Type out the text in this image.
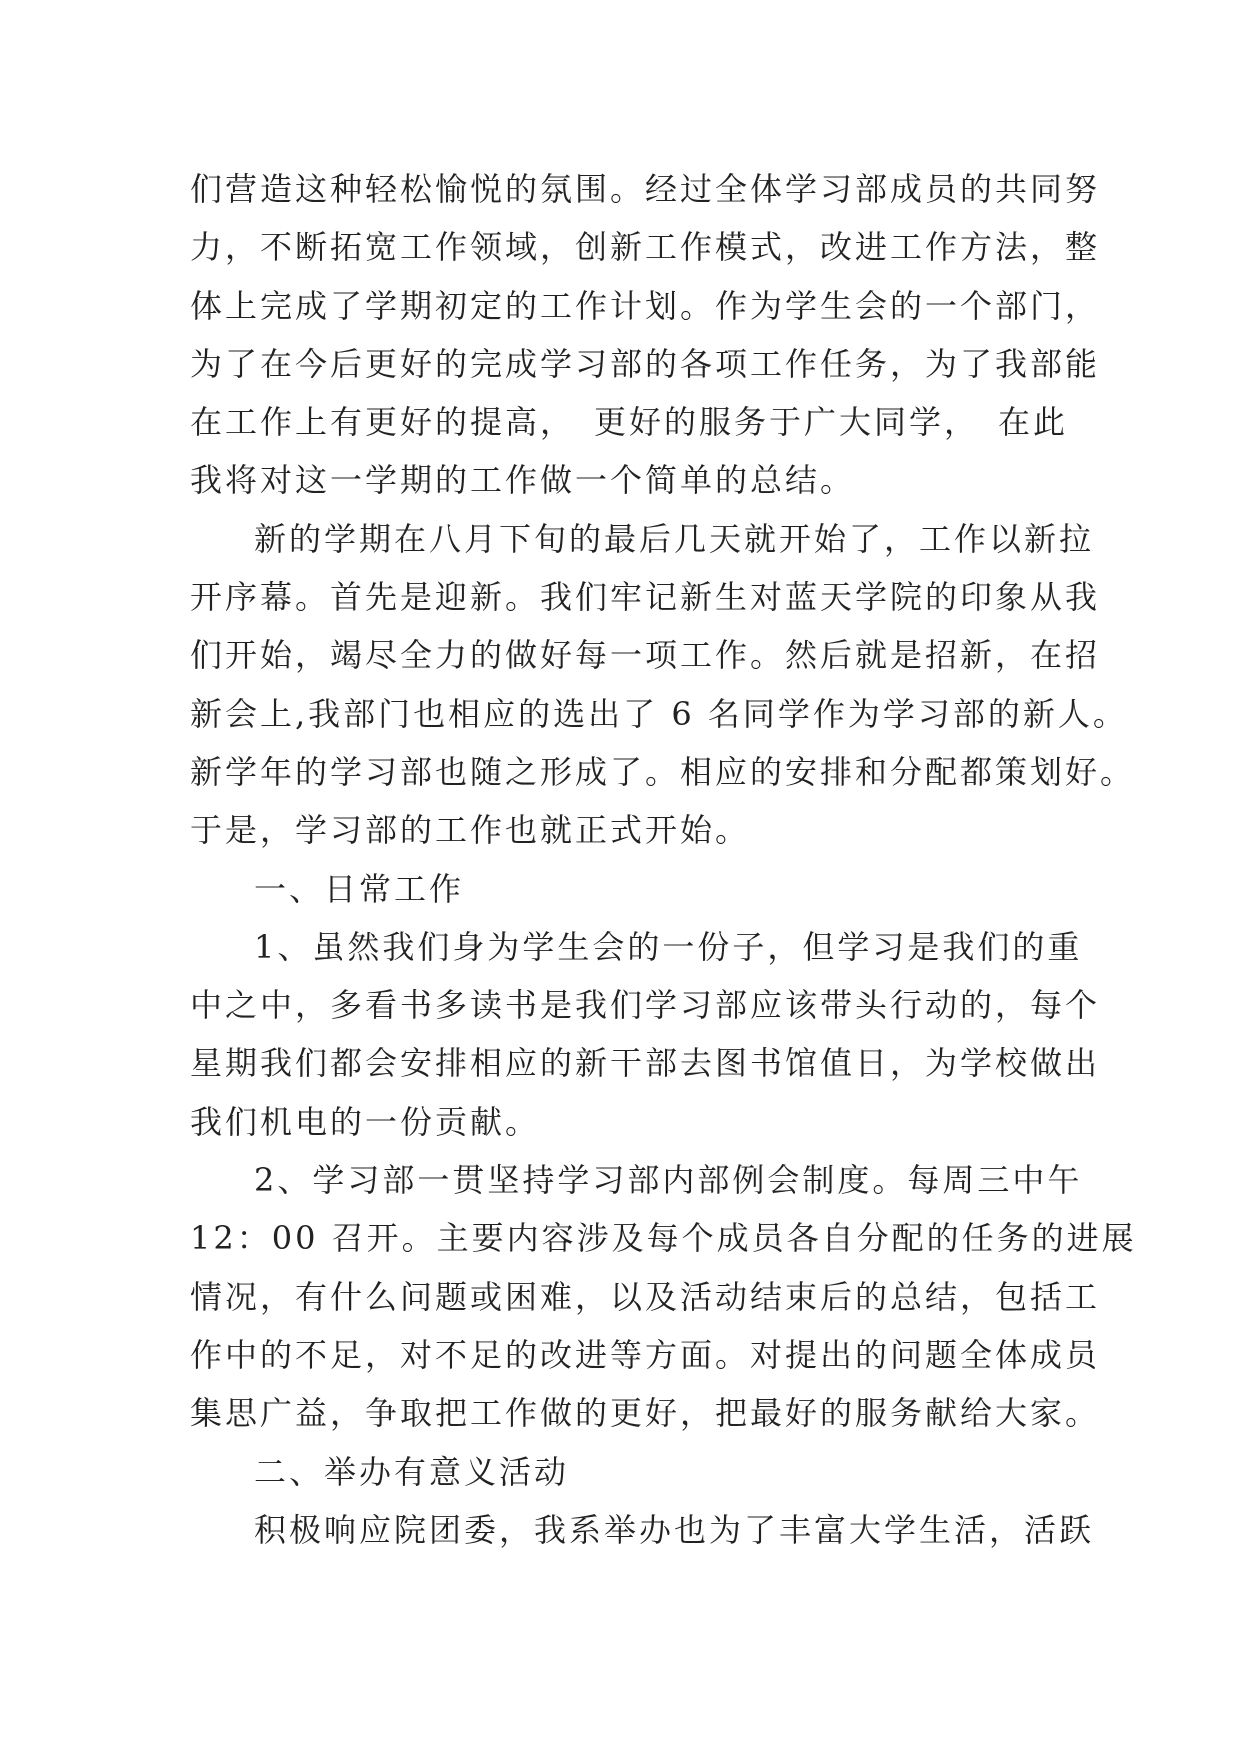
们营造这种轻松愉悦的氛围。经过全体学习部成员的共同努
力，不断拓宽工作领域，创新工作模式，改进工作方法，整
体上完成了学期初定的工作计划。作为学生会的一个部门，
为了在今后更好的完成学习部的各项工作任务，为了我部能
在工作上有更好的提高，　更好的服务于广大同学，　在此
我将对这一学期的工作做一个简单的总结。
新的学期在八月下旬的最后几天就开始了，工作以新拉
开序幕。首先是迎新。我们牢记新生对蓝天学院的印象从我
们开始，竭尽全力的做好每一项工作。然后就是招新，在招
新会上,我部门也相应的选出了 6 名同学作为学习部的新人。
新学年的学习部也随之形成了。相应的安排和分配都策划好。
于是，学习部的工作也就正式开始。
一、日常工作
1、虽然我们身为学生会的一份子，但学习是我们的重
中之中，多看书多读书是我们学习部应该带头行动的，每个
星期我们都会安排相应的新干部去图书馆值日，为学校做出
我们机电的一份贡献。
2、学习部一贯坚持学习部内部例会制度。每周三中午
12：00 召开。主要内容涉及每个成员各自分配的任务的进展
情况，有什么问题或困难，以及活动结束后的总结，包括工
作中的不足，对不足的改进等方面。对提出的问题全体成员
集思广益，争取把工作做的更好，把最好的服务献给大家。
二、举办有意义活动
积极响应院团委，我系举办也为了丰富大学生活，活跃
